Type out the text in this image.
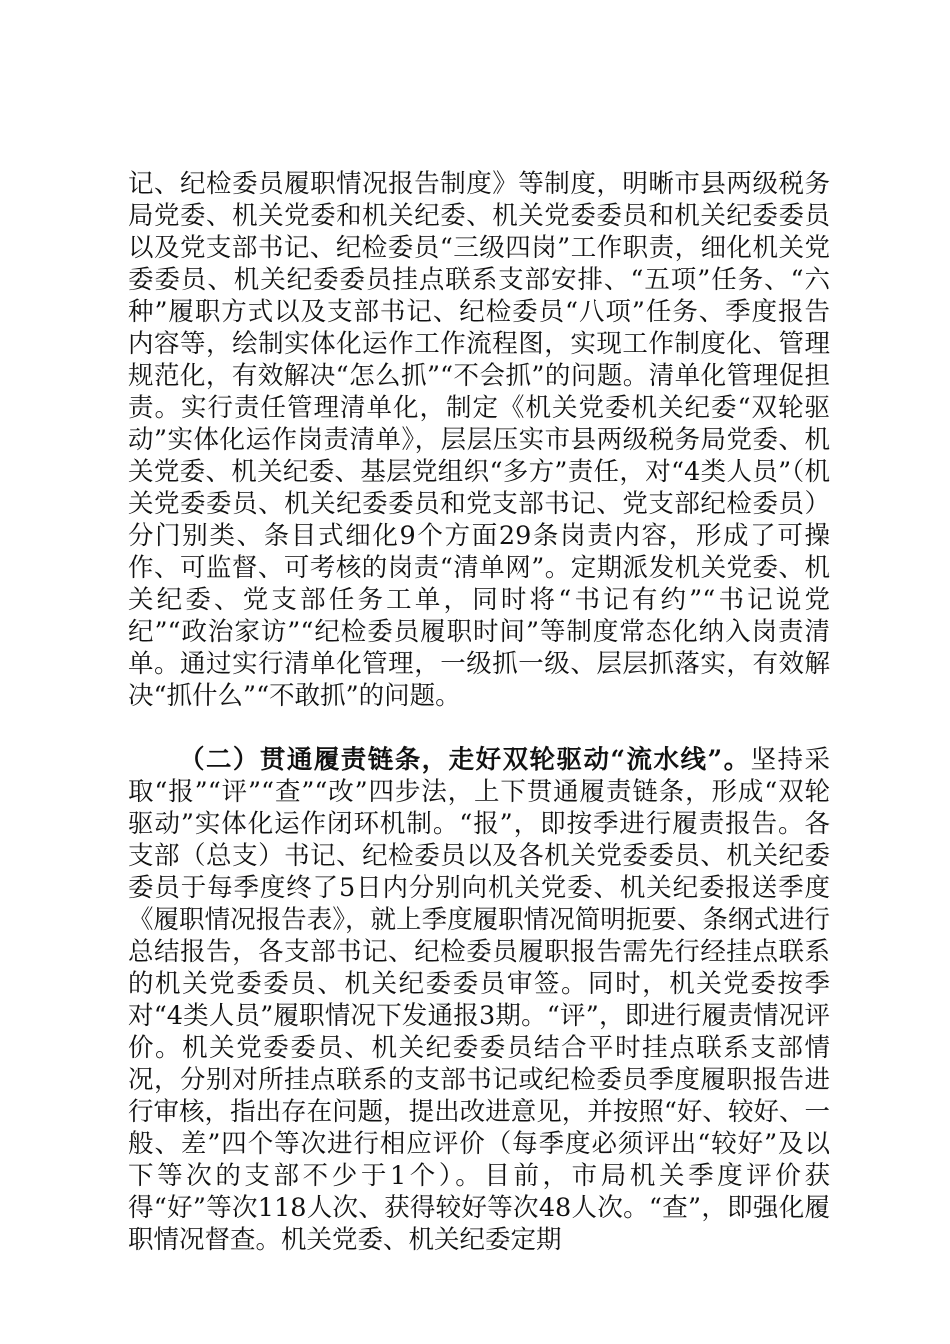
记、纪检委员履职情况报告制度》等制度，明晰市县两级税务局党委、机关党委和机关纪委、机关党委委员和机关纪委委员以及党支部书记、纪检委员“三级四岗”工作职责，细化机关党委委员、机关纪委委员挂点联系支部安排、“五项”任务、“六种”履职方式以及支部书记、纪检委员“八项”任务、季度报告内容等，绘制实体化运作工作流程图，实现工作制度化、管理规范化，有效解决“怎么抓”“不会抓”的问题。清单化管理促担责。实行责任管理清单化，制定《机关党委机关纪委“双轮驱动”实体化运作岗责清单》，层层压实市县两级税务局党委、机关党委、机关纪委、基层党组织“多方”责任，对“4类人员”（机关党委委员、机关纪委委员和党支部书记、党支部纪检委员）分门别类、条目式细化9个方面29条岗责内容，形成了可操作、可监督、可考核的岗责“清单网”。定期派发机关党委、机关纪委、党支部任务工单，同时将“书记有约”“书记说党纪”“政治家访”“纪检委员履职时间”等制度常态化纳入岗责清单。通过实行清单化管理，一级抓一级、层层抓落实，有效解决“抓什么”“不敢抓”的问题。

（二）贯通履责链条，走好双轮驱动“流水线”。坚持采取“报”“评”“查”“改”四步法，上下贯通履责链条，形成“双轮驱动”实体化运作闭环机制。“报”，即按季进行履责报告。各支部（总支）书记、纪检委员以及各机关党委委员、机关纪委委员于每季度终了5日内分别向机关党委、机关纪委报送季度《履职情况报告表》，就上季度履职情况简明扼要、条纲式进行总结报告，各支部书记、纪检委员履职报告需先行经挂点联系的机关党委委员、机关纪委委员审签。同时，机关党委按季对“4类人员”履职情况下发通报3期。“评”，即进行履责情况评价。机关党委委员、机关纪委委员结合平时挂点联系支部情况，分别对所挂点联系的支部书记或纪检委员季度履职报告进行审核，指出存在问题，提出改进意见，并按照“好、较好、一般、差”四个等次进行相应评价（每季度必须评出“较好”及以下等次的支部不少于1个）。目前，市局机关季度评价获得“好”等次118人次、获得较好等次48人次。“查”，即强化履职情况督查。机关党委、机关纪委定期
